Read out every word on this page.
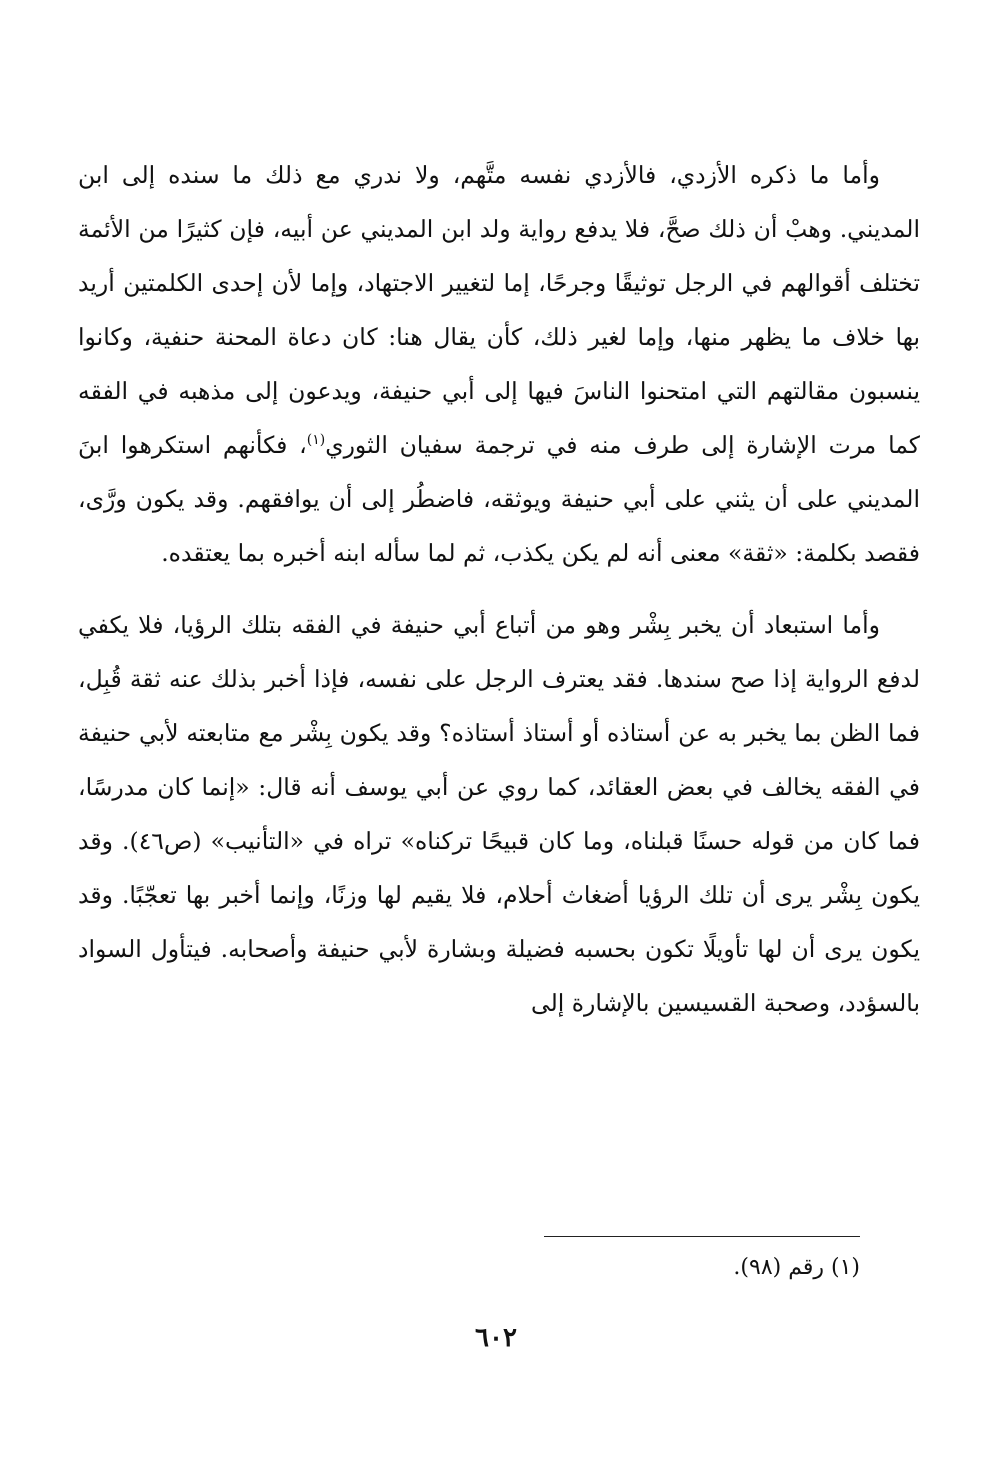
وأما ما ذكره الأزدي، فالأزدي نفسه متَّهم، ولا ندري مع ذلك ما سنده إلى ابن المديني. وهبْ أن ذلك صحَّ، فلا يدفع رواية ولد ابن المديني عن أبيه، فإن كثيرًا من الأئمة تختلف أقوالهم في الرجل توثيقًا وجرحًا، إما لتغيير الاجتهاد، وإما لأن إحدى الكلمتين أريد بها خلاف ما يظهر منها، وإما لغير ذلك، كأن يقال هنا: كان دعاة المحنة حنفية، وكانوا ينسبون مقالتهم التي امتحنوا الناسَ فيها إلى أبي حنيفة، ويدعون إلى مذهبه في الفقه كما مرت الإشارة إلى طرف منه في ترجمة سفيان الثوري$^{(١)}$، فكأنهم استكرهوا ابنَ المديني على أن يثني على أبي حنيفة ويوثقه، فاضطُر إلى أن يوافقهم. وقد يكون ورَّى، فقصد بكلمة: «ثقة» معنى أنه لم يكن يكذب، ثم لما سأله ابنه أخبره بما يعتقده.

وأما استبعاد أن يخبر بِشْر وهو من أتباع أبي حنيفة في الفقه بتلك الرؤيا، فلا يكفي لدفع الرواية إذا صح سندها. فقد يعترف الرجل على نفسه، فإذا أخبر بذلك عنه ثقة قُبِل، فما الظن بما يخبر به عن أستاذه أو أستاذ أستاذه؟ وقد يكون بِشْر مع متابعته لأبي حنيفة في الفقه يخالف في بعض العقائد، كما روي عن أبي يوسف أنه قال: «إنما كان مدرسًا، فما كان من قوله حسنًا قبلناه، وما كان قبيحًا تركناه» تراه في «التأنيب» (ص٤٦). وقد يكون بِشْر يرى أن تلك الرؤيا أضغاث أحلام، فلا يقيم لها وزنًا، وإنما أخبر بها تعجّبًا. وقد يكون يرى أن لها تأويلًا تكون بحسبه فضيلة وبشارة لأبي حنيفة وأصحابه. فيتأول السواد بالسؤدد، وصحبة القسيسين بالإشارة إلى

(١) رقم (٩٨).
٦٠٢
